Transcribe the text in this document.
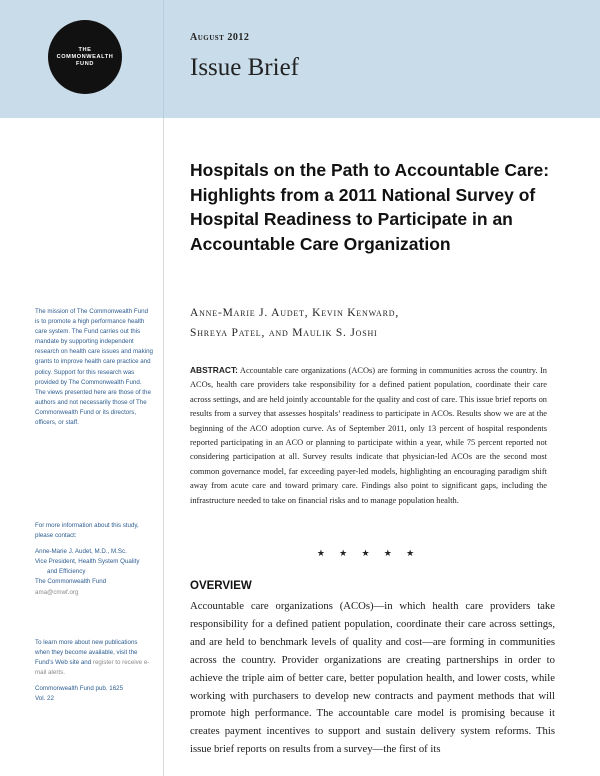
THE
COMMONWEALTH
FUND
August 2012
Issue Brief
Hospitals on the Path to Accountable Care: Highlights from a 2011 National Survey of Hospital Readiness to Participate in an Accountable Care Organization
Anne-Marie J. Audet, Kevin Kenward,
Shreya Patel, and Maulik S. Joshi

ABSTRACT: Accountable care organizations (ACOs) are forming in communities across the country. In ACOs, health care providers take responsibility for a defined patient population, coordinate their care across settings, and are held jointly accountable for the quality and cost of care. This issue brief reports on results from a survey that assesses hospitals’ readiness to participate in ACOs. Results show we are at the beginning of the ACO adoption curve. As of September 2011, only 13 percent of hospital respondents reported participating in an ACO or planning to participate within a year, while 75 percent reported not considering participation at all. Survey results indicate that physician-led ACOs are the second most common governance model, far exceeding payer-led models, highlighting an encouraging paradigm shift away from acute care and toward primary care. Findings also point to significant gaps, including the infrastructure needed to take on financial risks and to manage population health.

★ ★ ★ ★ ★
OVERVIEW

Accountable care organizations (ACOs)—in which health care providers take responsibility for a defined patient population, coordinate their care across settings, and are held to benchmark levels of quality and cost—are forming in communities across the country. Provider organizations are creating partnerships in order to achieve the triple aim of better care, better population health, and lower costs, while working with purchasers to develop new contracts and payment methods that will promote high performance. The accountable care model is promising because it creates payment incentives to support and sustain delivery system reforms. This issue brief reports on results from a survey—the first of its

The mission of The Commonwealth Fund is to promote a high performance health care system. The Fund carries out this mandate by supporting independent research on health care issues and making grants to improve health care practice and policy. Support for this research was provided by The Commonwealth Fund. The views presented here are those of the authors and not necessarily those of The Commonwealth Fund or its directors, officers, or staff.
For more information about this study, please contact:
Anne-Marie J. Audet, M.D., M.Sc.
Vice President, Health System Quality
and Efficiency
The Commonwealth Fund
ama@cmwf.org
To learn more about new publications when they become available, visit the Fund’s Web site and register to receive e-mail alerts.
Commonwealth Fund pub. 1625
Vol. 22
